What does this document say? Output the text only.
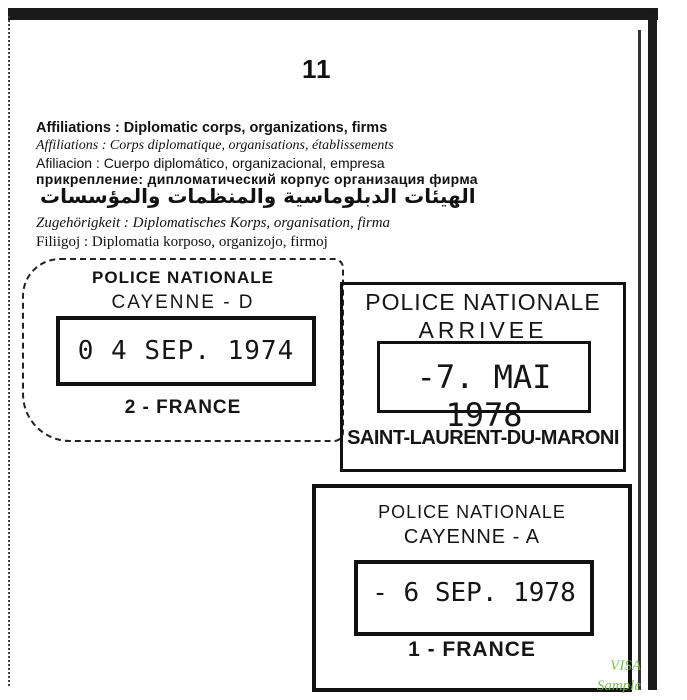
11
Affiliations : Diplomatic corps, organizations, firms
Affiliations : Corps diplomatique, organisations, établissements
Afiliacion : Cuerpo diplomático, organizacional, empresa
прикрепление: дипломатический корпус организация фирма
الهيئات الدبلوماسية والمنظمات والمؤسسات
Zugehörigkeit : Diplomatisches Korps, organisation, firma
Filiigoj : Diplomatia korposo, organizojo, firmoj
POLICE NATIONALE
CAYENNE - D
0 4 SEP. 1974
2 - FRANCE
POLICE NATIONALE
ARRIVEE
-7. MAI 1978
SAINT-LAURENT-DU-MARONI
POLICE NATIONALE
CAYENNE - A
- 6 SEP. 1978
1 - FRANCE
VISA
Sample
